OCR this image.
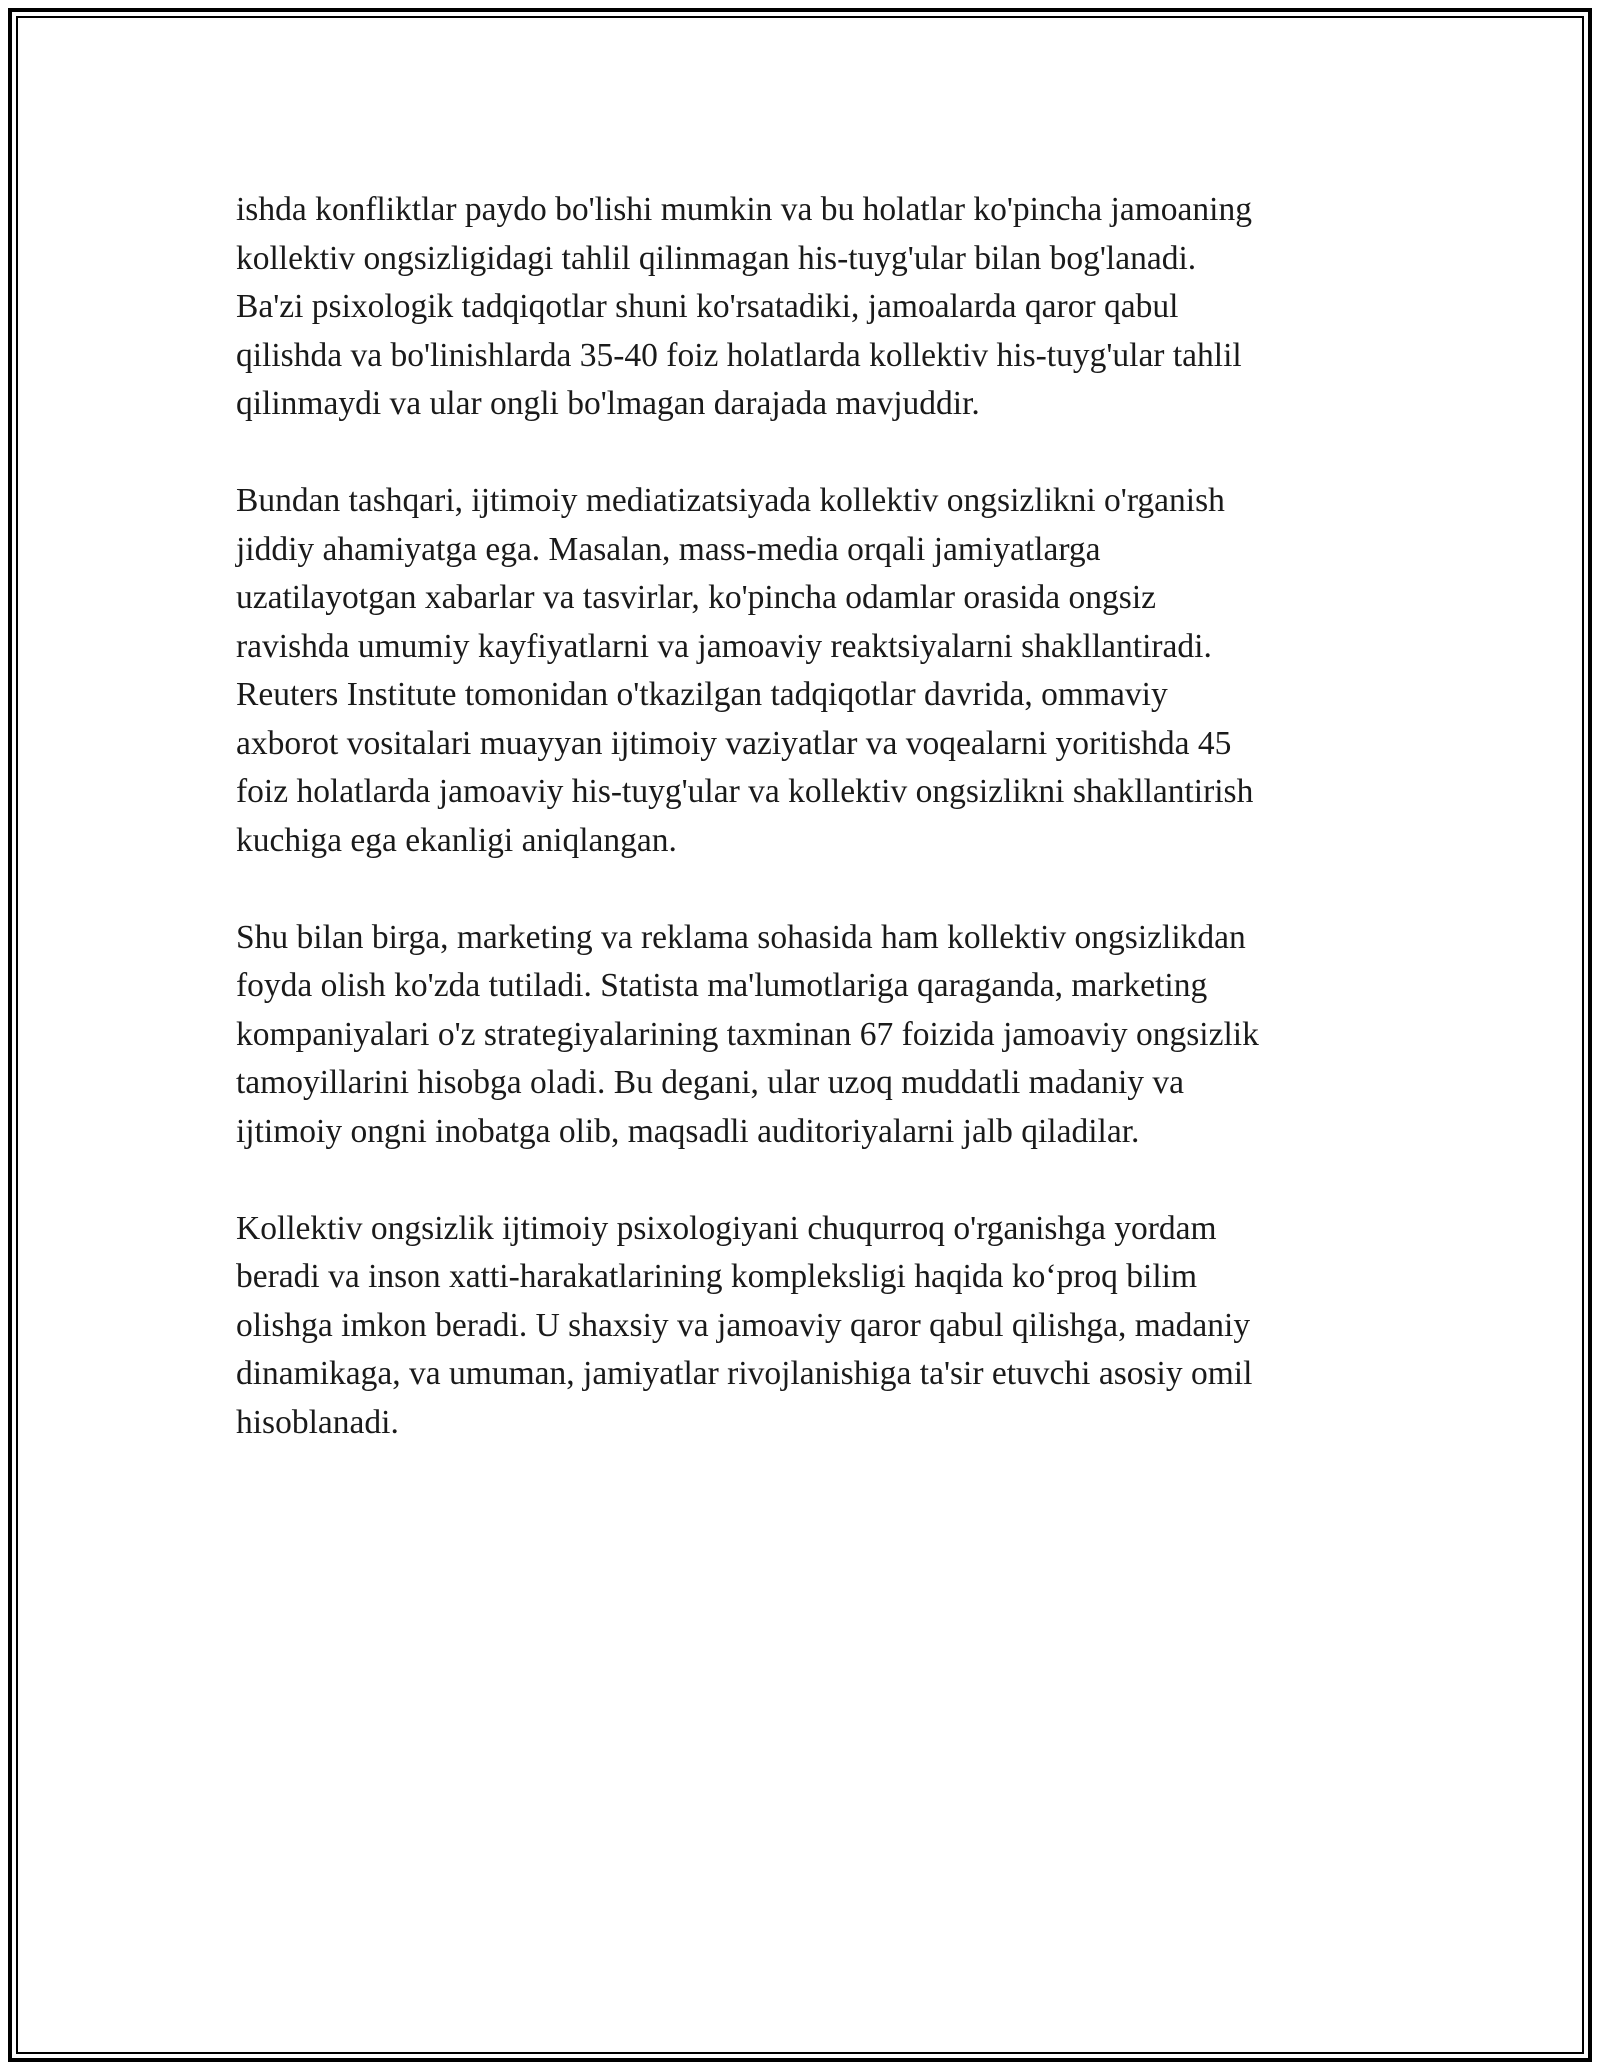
ishda konfliktlar paydo bo'lishi mumkin va bu holatlar ko'pincha jamoaning
kollektiv ongsizligidagi tahlil qilinmagan his-tuyg'ular bilan bog'lanadi.
Ba'zi psixologik tadqiqotlar shuni ko'rsatadiki, jamoalarda qaror qabul
qilishda va bo'linishlarda 35-40 foiz holatlarda kollektiv his-tuyg'ular tahlil
qilinmaydi va ular ongli bo'lmagan darajada mavjuddir.

Bundan tashqari, ijtimoiy mediatizatsiyada kollektiv ongsizlikni o'rganish
jiddiy ahamiyatga ega. Masalan, mass-media orqali jamiyatlarga
uzatilayotgan xabarlar va tasvirlar, ko'pincha odamlar orasida ongsiz
ravishda umumiy kayfiyatlarni va jamoaviy reaktsiyalarni shakllantiradi.
Reuters Institute tomonidan o'tkazilgan tadqiqotlar davrida, ommaviy
axborot vositalari muayyan ijtimoiy vaziyatlar va voqealarni yoritishda 45
foiz holatlarda jamoaviy his-tuyg'ular va kollektiv ongsizlikni shakllantirish
kuchiga ega ekanligi aniqlangan.

Shu bilan birga, marketing va reklama sohasida ham kollektiv ongsizlikdan
foyda olish ko'zda tutiladi. Statista ma'lumotlariga qaraganda, marketing
kompaniyalari o'z strategiyalarining taxminan 67 foizida jamoaviy ongsizlik
tamoyillarini hisobga oladi. Bu degani, ular uzoq muddatli madaniy va
ijtimoiy ongni inobatga olib, maqsadli auditoriyalarni jalb qiladilar.

Kollektiv ongsizlik ijtimoiy psixologiyani chuqurroq o'rganishga yordam
beradi va inson xatti-harakatlarining kompleksligi haqida koʻproq bilim
olishga imkon beradi. U shaxsiy va jamoaviy qaror qabul qilishga, madaniy
dinamikaga, va umuman, jamiyatlar rivojlanishiga ta'sir etuvchi asosiy omil
hisoblanadi.
